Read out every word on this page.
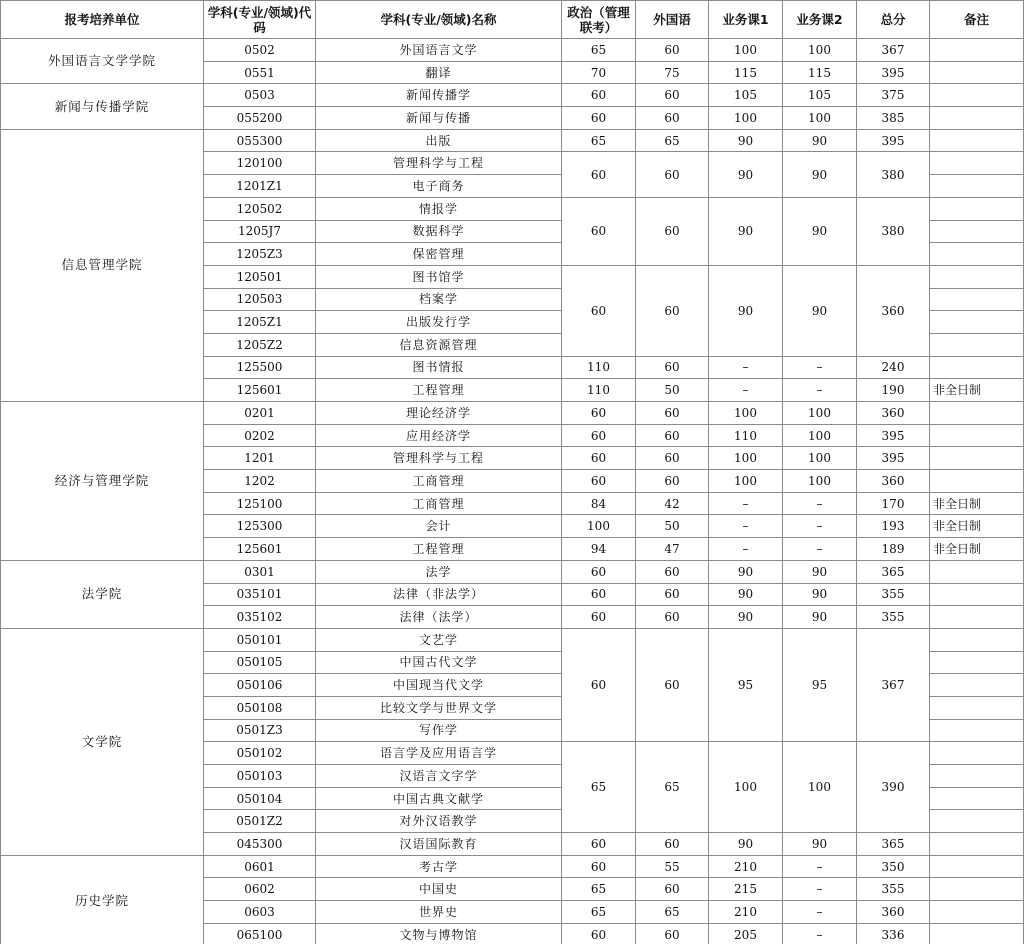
报考培养单位	学科(专业/领域)代码	学科(专业/领域)名称	政治（管理联考）	外国语	业务课1	业务课2	总分	备注
外国语言文学学院	0502	外国语言文学	65	60	100	100	367	
	0551	翻译	70	75	115	115	395	
新闻与传播学院	0503	新闻传播学	60	60	105	105	375	
	055200	新闻与传播	60	60	100	100	385	
信息管理学院	055300	出版	65	65	90	90	395	
	120100	管理科学与工程	60	60	90	90	380	
	1201Z1	电子商务						
	120502	情报学	60	60	90	90	380	
	1205J7	数据科学						
	1205Z3	保密管理						
	120501	图书馆学	60	60	90	90	360	
	120503	档案学						
	1205Z1	出版发行学						
	1205Z2	信息资源管理						
	125500	图书情报	110	60	–	–	240	
	125601	工程管理	110	50	–	–	190	非全日制
经济与管理学院	0201	理论经济学	60	60	100	100	360	
	0202	应用经济学	60	60	110	100	395	
	1201	管理科学与工程	60	60	100	100	395	
	1202	工商管理	60	60	100	100	360	
	125100	工商管理	84	42	–	–	170	非全日制
	125300	会计	100	50	–	–	193	非全日制
	125601	工程管理	94	47	–	–	189	非全日制
法学院	0301	法学	60	60	90	90	365	
	035101	法律（非法学）	60	60	90	90	355	
	035102	法律（法学）	60	60	90	90	355	
文学院	050101	文艺学	60	60	95	95	367	
	050105	中国古代文学						
	050106	中国现当代文学						
	050108	比较文学与世界文学						
	0501Z3	写作学						
	050102	语言学及应用语言学	65	65	100	100	390	
	050103	汉语言文字学						
	050104	中国古典文献学						
	0501Z2	对外汉语教学						
	045300	汉语国际教育	60	60	90	90	365	
历史学院	0601	考古学	60	55	210	–	350	
	0602	中国史	65	60	215	–	355	
	0603	世界史	65	65	210	–	360	
	065100	文物与博物馆	60	60	205	–	336	
